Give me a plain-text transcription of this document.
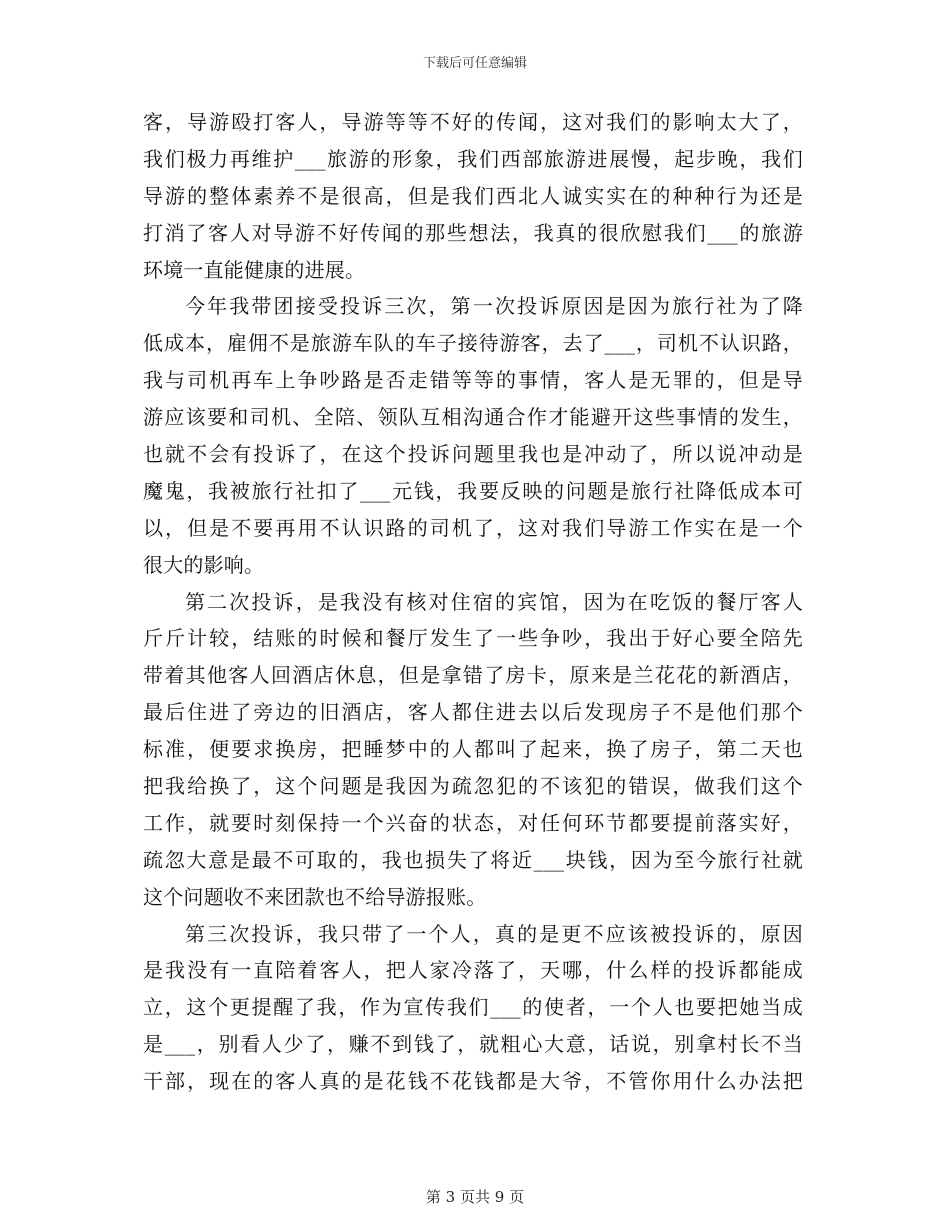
下载后可任意编辑
客，导游殴打客人，导游等等不好的传闻，这对我们的影响太大了，
我们极力再维护___旅游的形象，我们西部旅游进展慢，起步晚，我们
导游的整体素养不是很高，但是我们西北人诚实实在的种种行为还是
打消了客人对导游不好传闻的那些想法，我真的很欣慰我们___的旅游
环境一直能健康的进展。
今年我带团接受投诉三次，第一次投诉原因是因为旅行社为了降
低成本，雇佣不是旅游车队的车子接待游客，去了___，司机不认识路，
我与司机再车上争吵路是否走错等等的事情，客人是无罪的，但是导
游应该要和司机、全陪、领队互相沟通合作才能避开这些事情的发生，
也就不会有投诉了，在这个投诉问题里我也是冲动了，所以说冲动是
魔鬼，我被旅行社扣了___元钱，我要反映的问题是旅行社降低成本可
以，但是不要再用不认识路的司机了，这对我们导游工作实在是一个
很大的影响。
第二次投诉，是我没有核对住宿的宾馆，因为在吃饭的餐厅客人
斤斤计较，结账的时候和餐厅发生了一些争吵，我出于好心要全陪先
带着其他客人回酒店休息，但是拿错了房卡，原来是兰花花的新酒店，
最后住进了旁边的旧酒店，客人都住进去以后发现房子不是他们那个
标准，便要求换房，把睡梦中的人都叫了起来，换了房子，第二天也
把我给换了，这个问题是我因为疏忽犯的不该犯的错误，做我们这个
工作，就要时刻保持一个兴奋的状态，对任何环节都要提前落实好，
疏忽大意是最不可取的，我也损失了将近___块钱，因为至今旅行社就
这个问题收不来团款也不给导游报账。
第三次投诉，我只带了一个人，真的是更不应该被投诉的，原因
是我没有一直陪着客人，把人家冷落了，天哪，什么样的投诉都能成
立，这个更提醒了我，作为宣传我们___的使者，一个人也要把她当成
是___，别看人少了，赚不到钱了，就粗心大意，话说，别拿村长不当
干部，现在的客人真的是花钱不花钱都是大爷，不管你用什么办法把
第 3 页共 9 页
